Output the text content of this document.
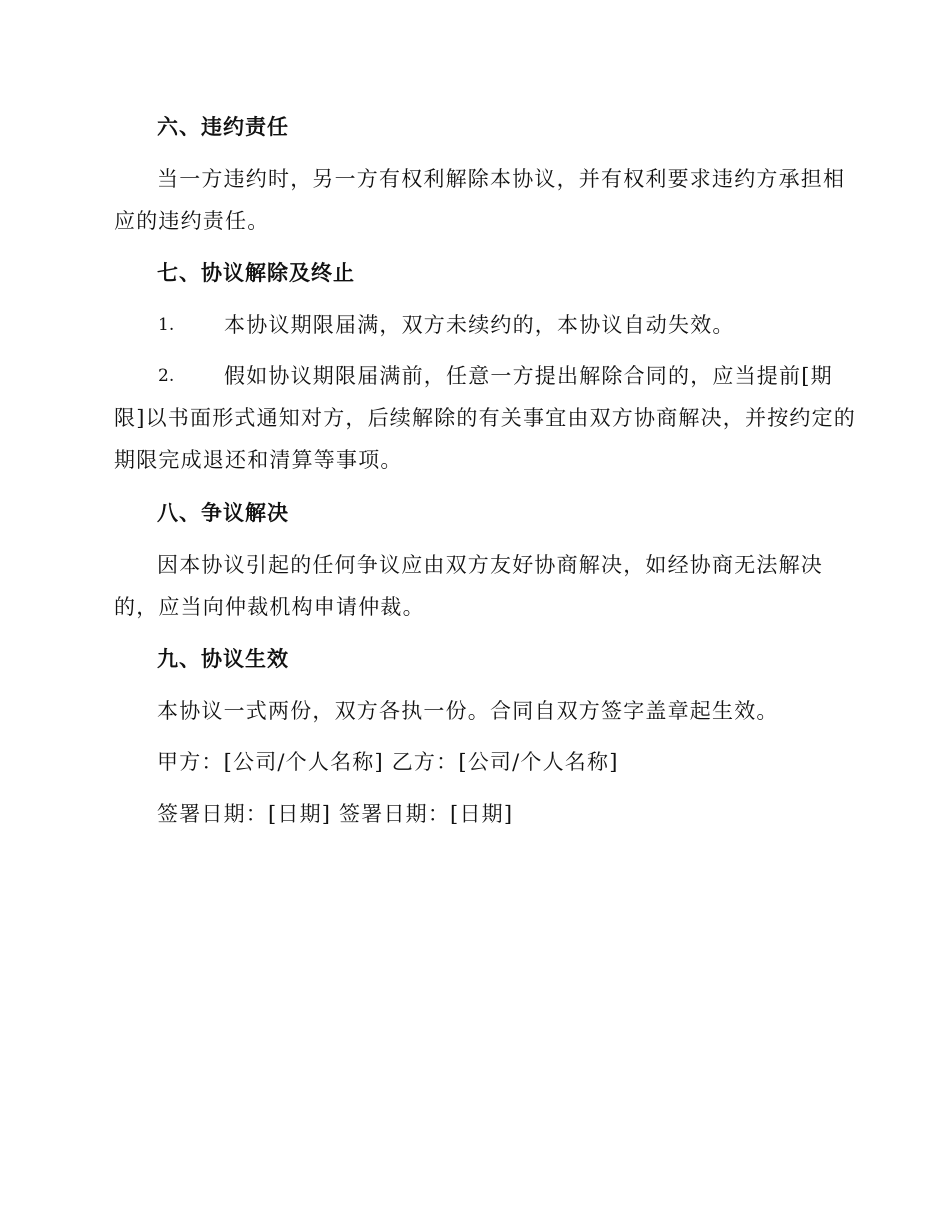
六、违约责任
当一方违约时，另一方有权利解除本协议，并有权利要求违约方承担相
应的违约责任。
七、协议解除及终止
1. 本协议期限届满，双方未续约的，本协议自动失效。
2. 假如协议期限届满前，任意一方提出解除合同的，应当提前[期
限]以书面形式通知对方，后续解除的有关事宜由双方协商解决，并按约定的
期限完成退还和清算等事项。
八、争议解决
因本协议引起的任何争议应由双方友好协商解决，如经协商无法解决
的，应当向仲裁机构申请仲裁。
九、协议生效
本协议一式两份，双方各执一份。合同自双方签字盖章起生效。
甲方：[公司/个人名称] 乙方：[公司/个人名称]
签署日期：[日期] 签署日期：[日期]
